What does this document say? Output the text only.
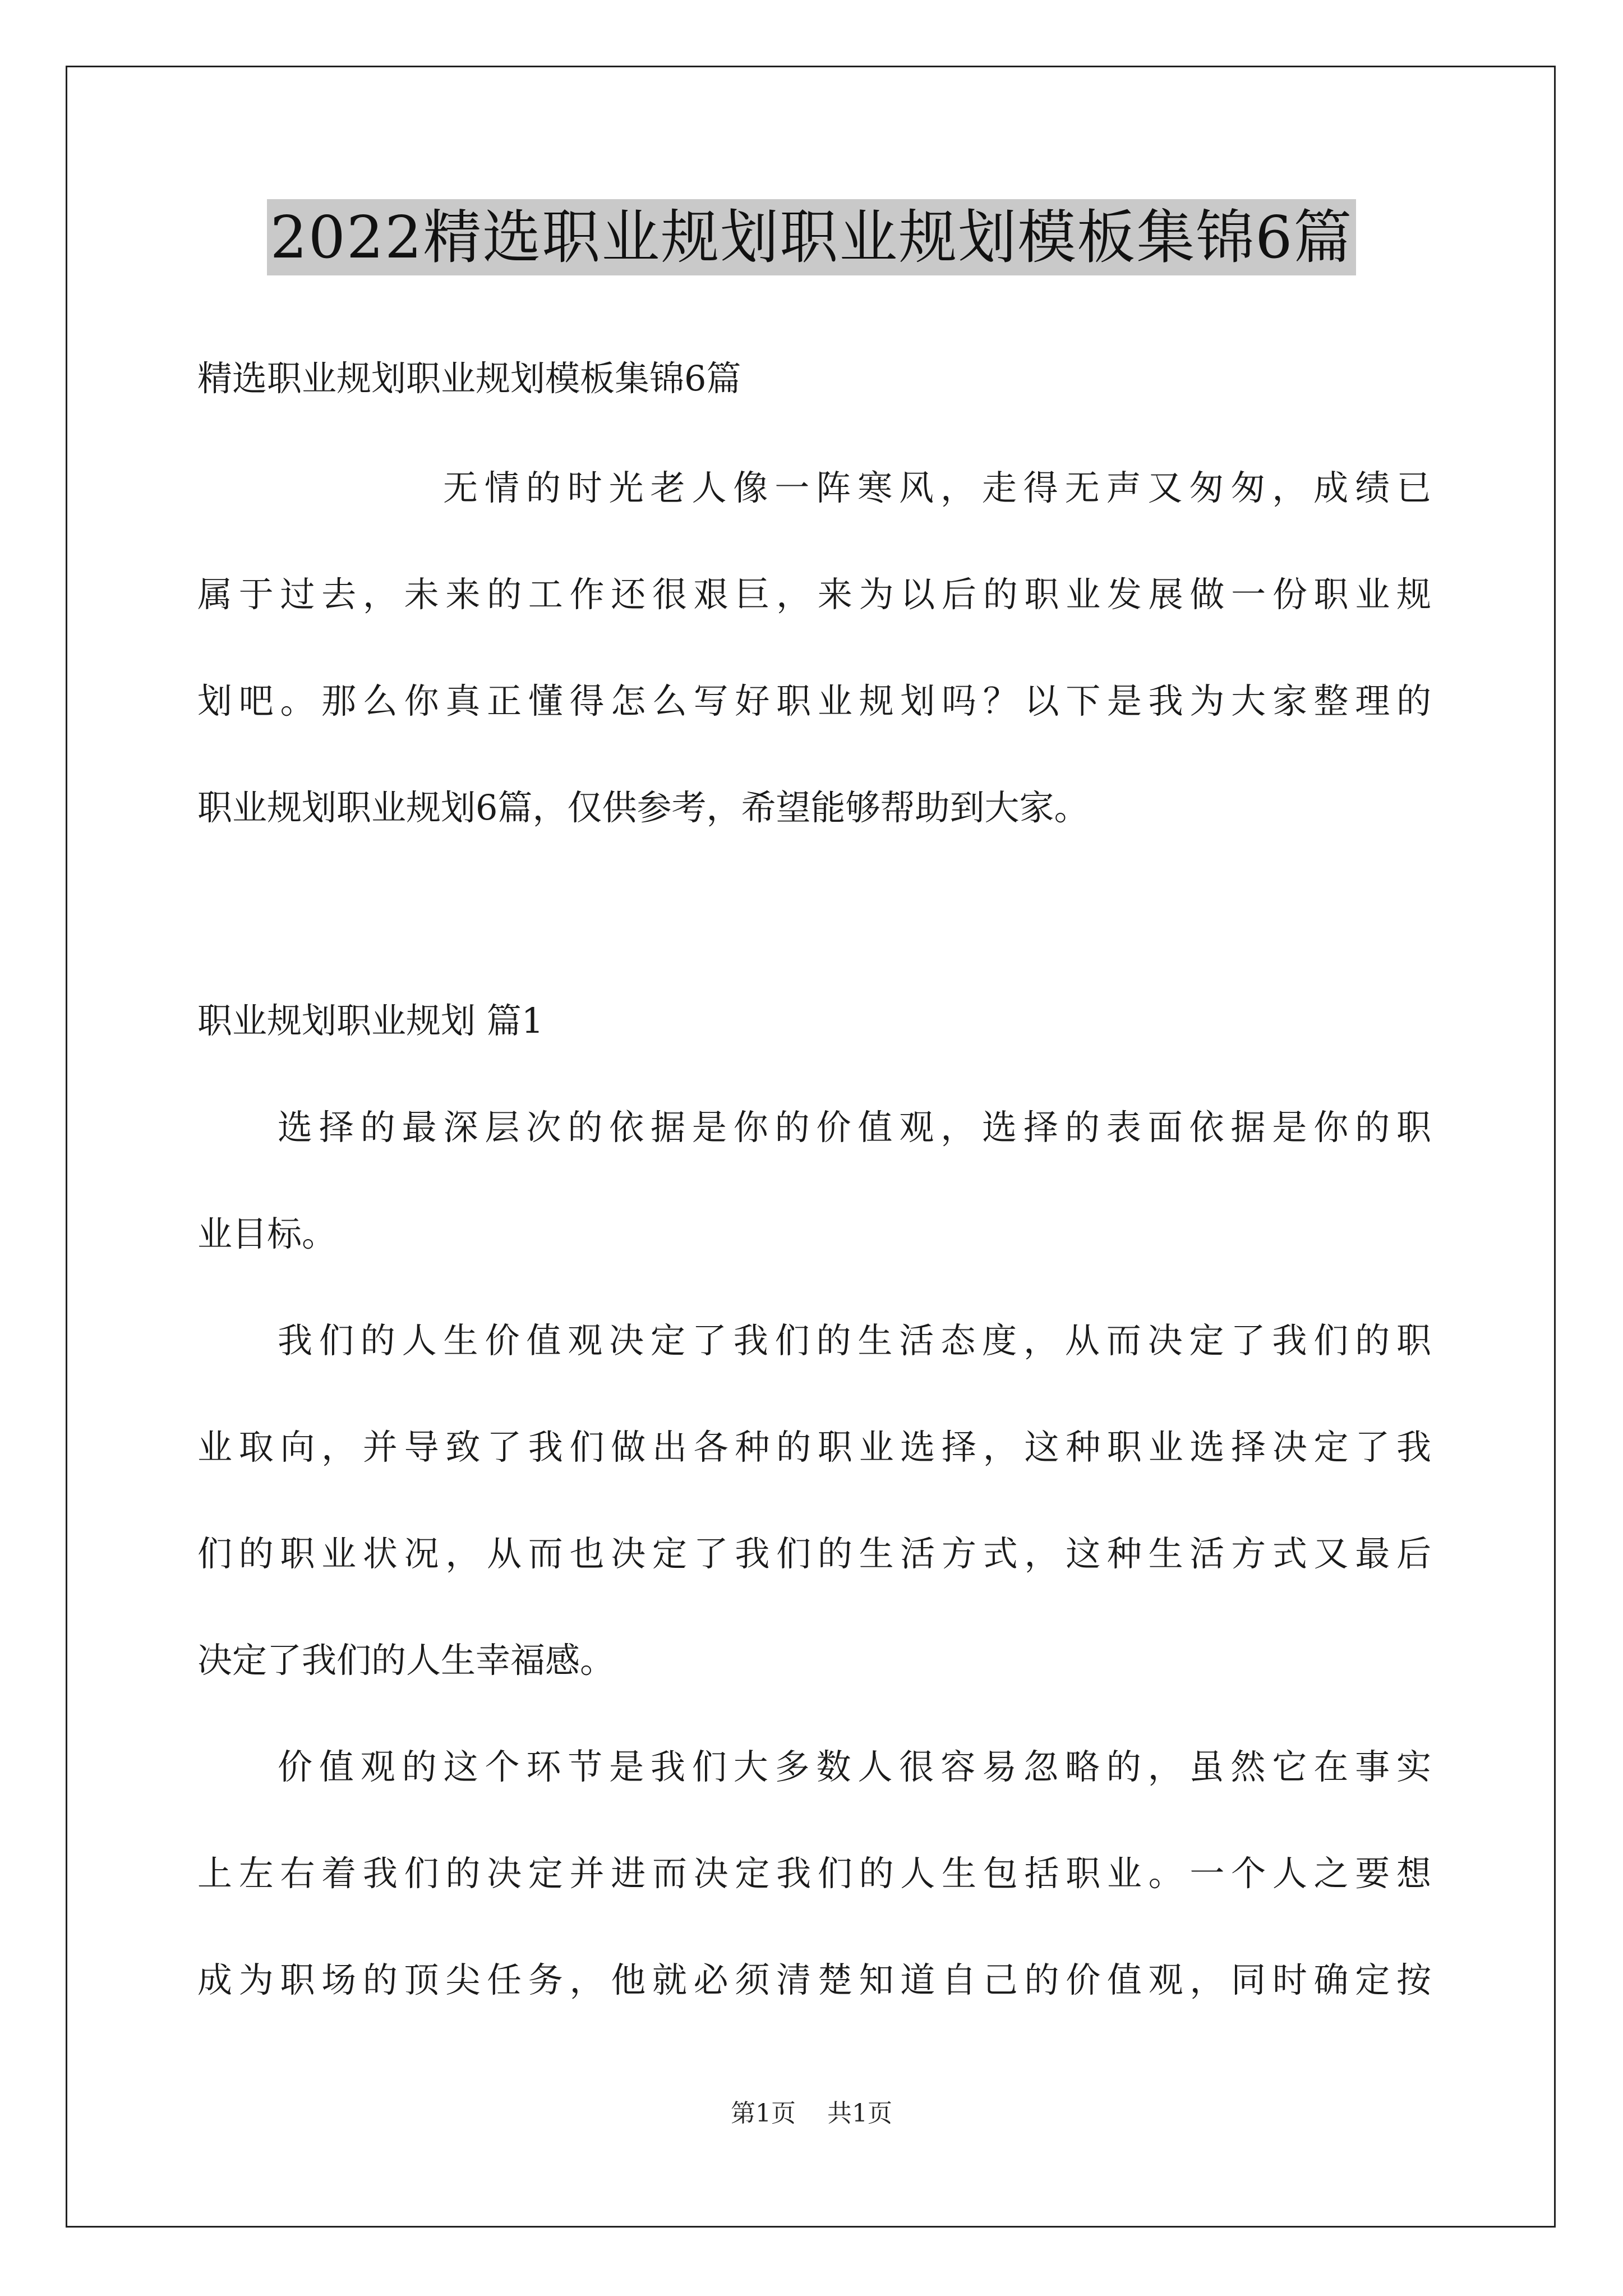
2022精选职业规划职业规划模板集锦6篇
精选职业规划职业规划模板集锦6篇
无情的时光老人像一阵寒风，走得无声又匆匆，成绩已
属于过去，未来的工作还很艰巨，来为以后的职业发展做一份职业规
划吧。那么你真正懂得怎么写好职业规划吗？以下是我为大家整理的
职业规划职业规划6篇，仅供参考，希望能够帮助到大家。
职业规划职业规划 篇1
选择的最深层次的依据是你的价值观，选择的表面依据是你的职
业目标。
我们的人生价值观决定了我们的生活态度，从而决定了我们的职
业取向，并导致了我们做出各种的职业选择，这种职业选择决定了我
们的职业状况，从而也决定了我们的生活方式，这种生活方式又最后
决定了我们的人生幸福感。
价值观的这个环节是我们大多数人很容易忽略的，虽然它在事实
上左右着我们的决定并进而决定我们的人生包括职业。一个人之要想
成为职场的顶尖任务，他就必须清楚知道自己的价值观，同时确定按
第1页 共1页
